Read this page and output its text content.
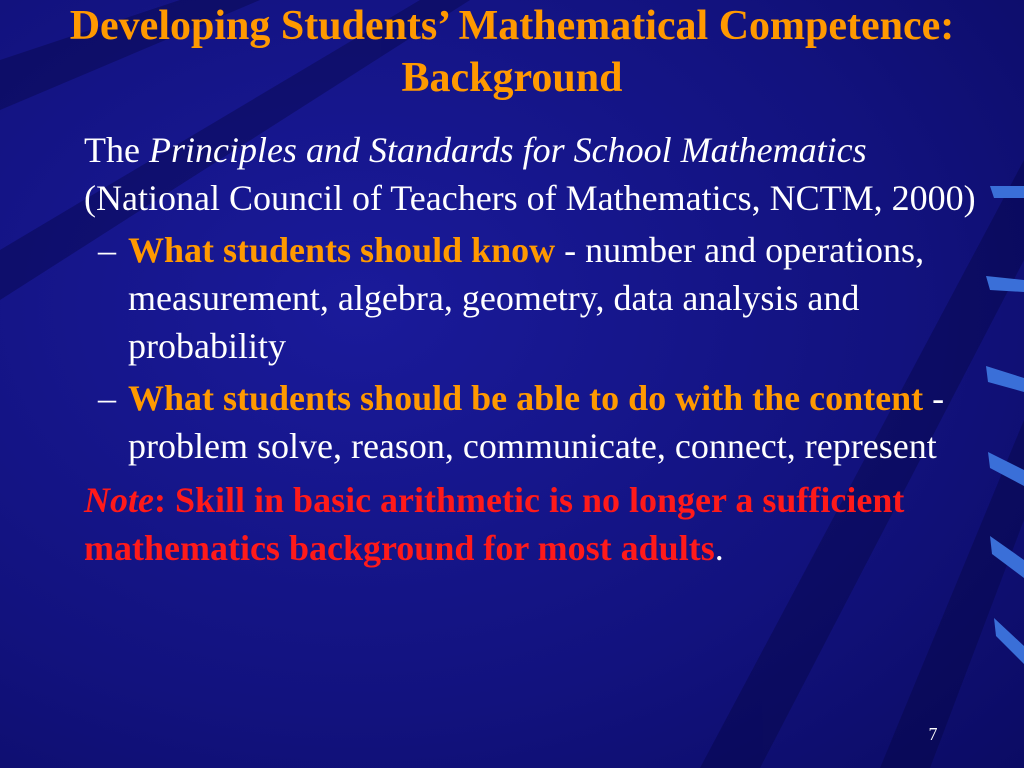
Developing Students’ Mathematical Competence: Background

The Principles and Standards for School Mathematics (National Council of Teachers of Mathematics, NCTM, 2000)

– What students should know - number and operations, measurement, algebra, geometry, data analysis and probability

– What students should be able to do with the content - problem solve, reason, communicate, connect, represent

Note: Skill in basic arithmetic is no longer a sufficient mathematics background for most adults.

7
